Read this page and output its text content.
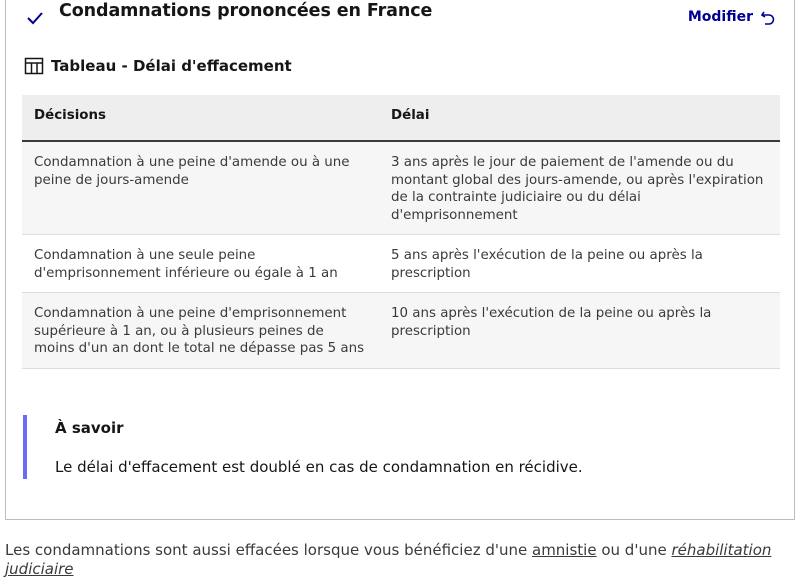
Condamnations prononcées en France	Modifier
Tableau - Délai d'effacement
Décisions	Délai
Condamnation à une peine d'amende ou à une peine de jours-amende	3 ans après le jour de paiement de l'amende ou du montant global des jours-amende, ou après l'expiration de la contrainte judiciaire ou du délai d'emprisonnement
Condamnation à une seule peine d'emprisonnement inférieure ou égale à 1 an	5 ans après l'exécution de la peine ou après la prescription
Condamnation à une peine d'emprisonnement supérieure à 1 an, ou à plusieurs peines de moins d'un an dont le total ne dépasse pas 5 ans	10 ans après l'exécution de la peine ou après la prescription
À savoir
Le délai d'effacement est doublé en cas de condamnation en récidive.
Les condamnations sont aussi effacées lorsque vous bénéficiez d'une amnistie ou d'une réhabilitation
judiciaire
